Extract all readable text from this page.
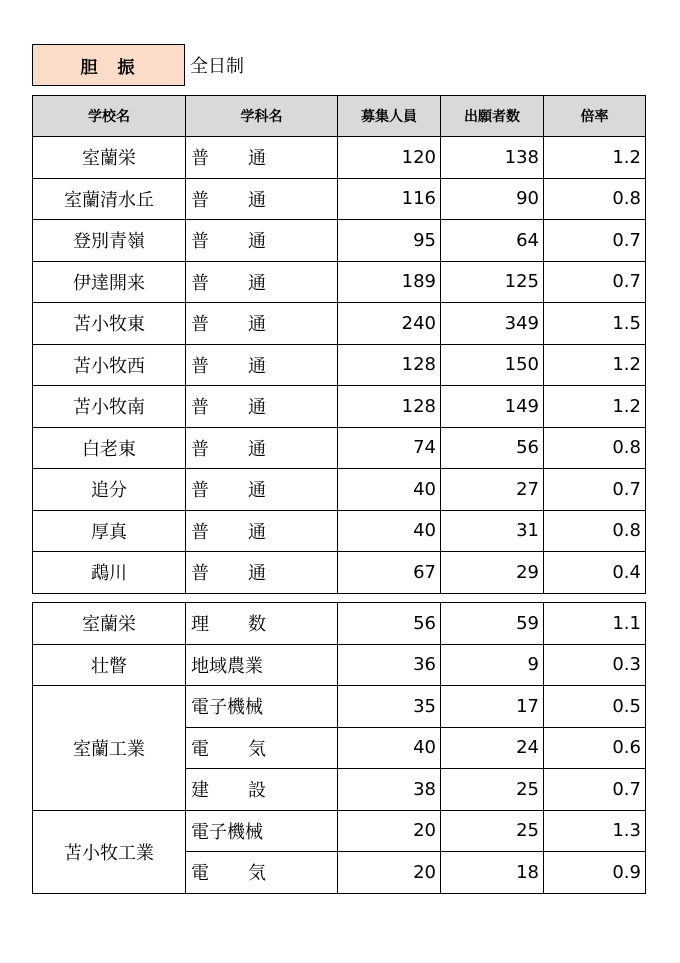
胆振	全日制
学校名	学科名	募集人員	出願者数	倍率
室蘭栄	普 通	120	138	1.2
室蘭清水丘	普 通	116	90	0.8
登別青嶺	普 通	95	64	0.7
伊達開来	普 通	189	125	0.7
苫小牧東	普 通	240	349	1.5
苫小牧西	普 通	128	150	1.2
苫小牧南	普 通	128	149	1.2
白老東	普 通	74	56	0.8
追分	普 通	40	27	0.7
厚真	普 通	40	31	0.8
鵡川	普 通	67	29	0.4
室蘭栄	理 数	56	59	1.1
壮瞥	地域農業	36	9	0.3
室蘭工業	電子機械	35	17	0.5

	電 気	40	24	0.6

	建 設	38	25	0.7
苫小牧工業	電子機械	20	25	1.3

	電 気	20	18	0.9
